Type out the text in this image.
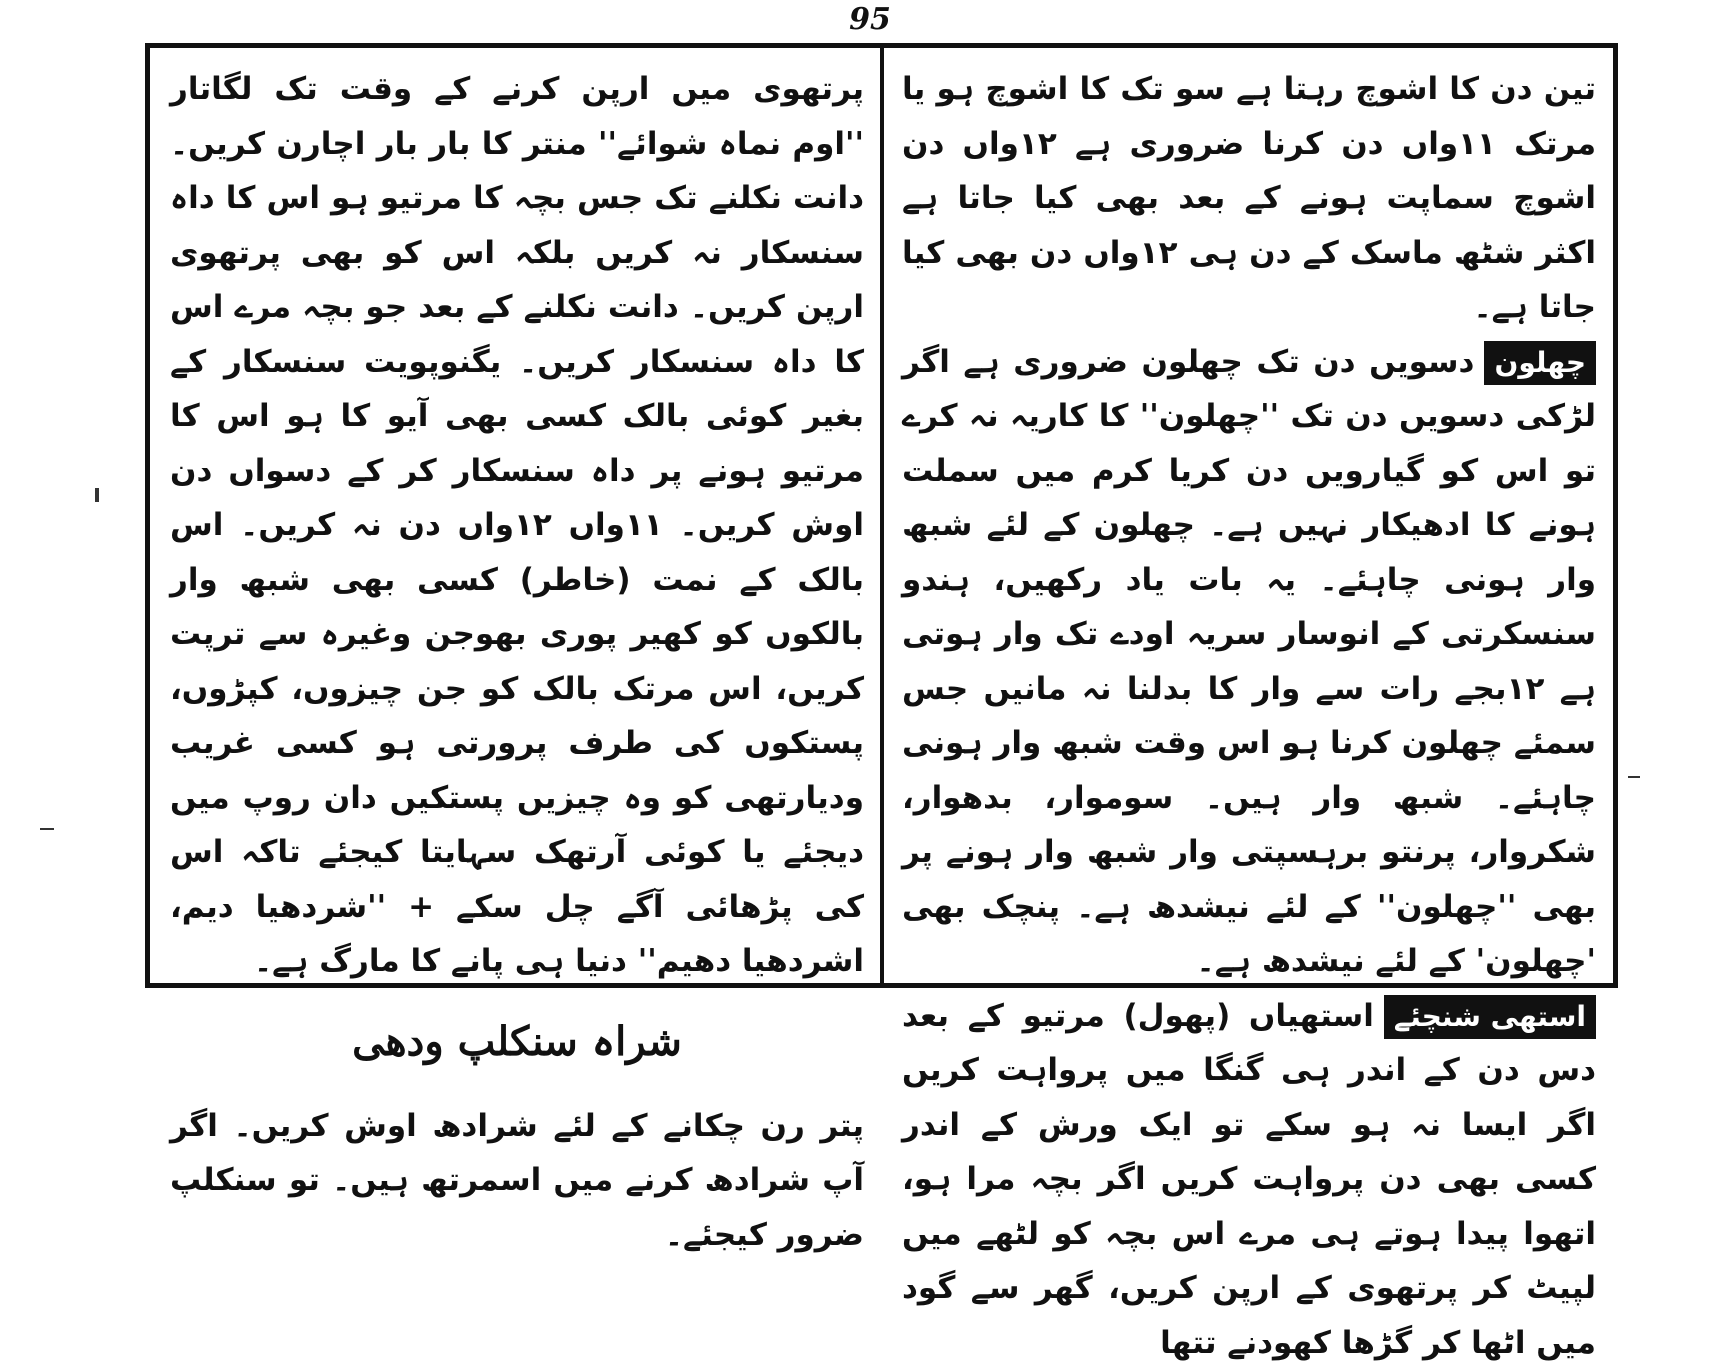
95

تین دن کا اشوچ رہتا ہے سو تک کا اشوچ ہو یا مرتک ۱۱واں دن کرنا ضروری ہے ۱۲واں دن اشوچ سماپت ہونے کے بعد بھی کیا جاتا ہے اکثر شٹھ ماسک کے دن ہی ۱۲واں دن بھی کیا جاتا ہے۔

چھلوندسویں دن تک چھلون ضروری ہے اگر لڑکی دسویں دن تک ''چھلون'' کا کاریہ نہ کرے تو اس کو گیارویں دن کریا کرم میں سملت ہونے کا ادھیکار نہیں ہے۔ چھلون کے لئے شبھ وار ہونی چاہئے۔ یہ بات یاد رکھیں، ہندو سنسکرتی کے انوسار سریہ اودے تک وار ہوتی ہے ۱۲بجے رات سے وار کا بدلنا نہ مانیں جس سمئے چھلون کرنا ہو اس وقت شبھ وار ہونی چاہئے۔ شبھ وار ہیں۔ سوموار، بدھوار، شکروار، پرنتو برہسپتی وار شبھ وار ہونے پر بھی ''چھلون'' کے لئے نیشدھ ہے۔ پنچک بھی 'چھلون' کے لئے نیشدھ ہے۔

استھی شنچئےاستھیاں (پھول) مرتیو کے بعد دس دن کے اندر ہی گنگا میں پرواہت کریں اگر ایسا نہ ہو سکے تو ایک ورش کے اندر کسی بھی دن پرواہت کریں اگر بچہ مرا ہو، اتھوا پیدا ہوتے ہی مرے اس بچہ کو لٹھے میں لپیٹ کر پرتھوی کے ارپن کریں، گھر سے گود میں اٹھا کر گڑھا کھودنے تتھا

پرتھوی میں ارپن کرنے کے وقت تک لگاتار ''اوم نماہ شوائے'' منتر کا بار بار اچارن کریں۔ دانت نکلنے تک جس بچہ کا مرتیو ہو اس کا داہ سنسکار نہ کریں بلکہ اس کو بھی پرتھوی ارپن کریں۔ دانت نکلنے کے بعد جو بچہ مرے اس کا داہ سنسکار کریں۔ یگنوپویت سنسکار کے بغیر کوئی بالک کسی بھی آیو کا ہو اس کا مرتیو ہونے پر داہ سنسکار کر کے دسواں دن اوش کریں۔ ۱۱واں ۱۲واں دن نہ کریں۔ اس بالک کے نمت (خاطر) کسی بھی شبھ وار بالکوں کو کھیر پوری بھوجن وغیرہ سے ترپت کریں، اس مرتک بالک کو جن چیزوں، کپڑوں، پستکوں کی طرف پرورتی ہو کسی غریب ودیارتھی کو وہ چیزیں پستکیں دان روپ میں دیجئے یا کوئی آرتھک سہایتا کیجئے تاکہ اس کی پڑھائی آگے چل سکے + ''شردھیا دیم، اشردھیا دھیم'' دنیا ہی پانے کا مارگ ہے۔

شراہ سنکلپ ودھی

پتر رن چکانے کے لئے شرادھ اوش کریں۔ اگر آپ شرادھ کرنے میں اسمرتھ ہیں۔ تو سنکلپ ضرور کیجئے۔
